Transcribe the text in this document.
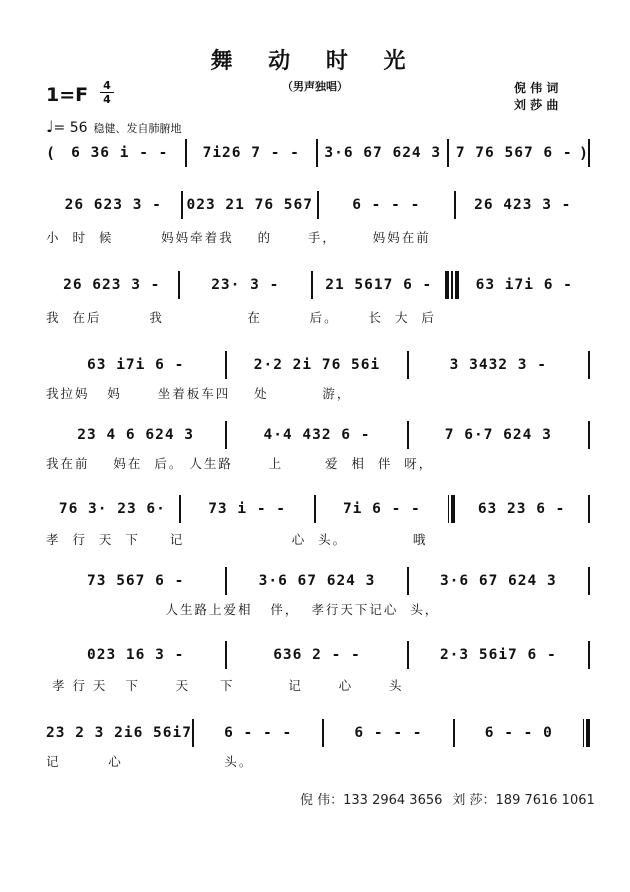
舞 动 时 光
（男声独唱）
1=F 4
4
倪 伟 词
刘 莎 曲
♩= 56 稳健、发自肺腑地
(	6 36 i - -	7i26 7 - -	3·6 67 624 3	7 76 567 6 - )
26 623 3 -	023 21 76 567	6 - - -	26 423 3 -
小  时  候        妈妈牵着我    的      手，      妈妈在前
26 623 3 -	23· 3 -	21 5617 6 -	63 i7i 6 -
我  在后        我              在        后。     长  大  后
63 i7i 6 -	2·2 2i 76 56i	3 3432 3 -
我拉妈   妈      坐着板车四    处         游，
23 4 6 624 3	4·4 432 6 -	7 6·7 624 3
我在前    妈在  后。 人生路      上       爱  相  伴  呀，
76 3· 23 6·	73 i - -	7i 6 - -	63 23 6 -
孝  行  天  下     记                  心  头。           哦
73 567 6 -	3·6 67 624 3	3·6 67 624 3
人生路上爱相   伴，  孝行天下记心  头，
023 16 3 -	636 2 - -	2·3 56i7 6 -
孝 行 天   下      天     下         记      心      头
23 2 3 2i6 56i7	6 - - -	6 - - -	6 - - 0
记        心                 头。
倪 伟：133 2964 3656 刘 莎：189 7616 1061
